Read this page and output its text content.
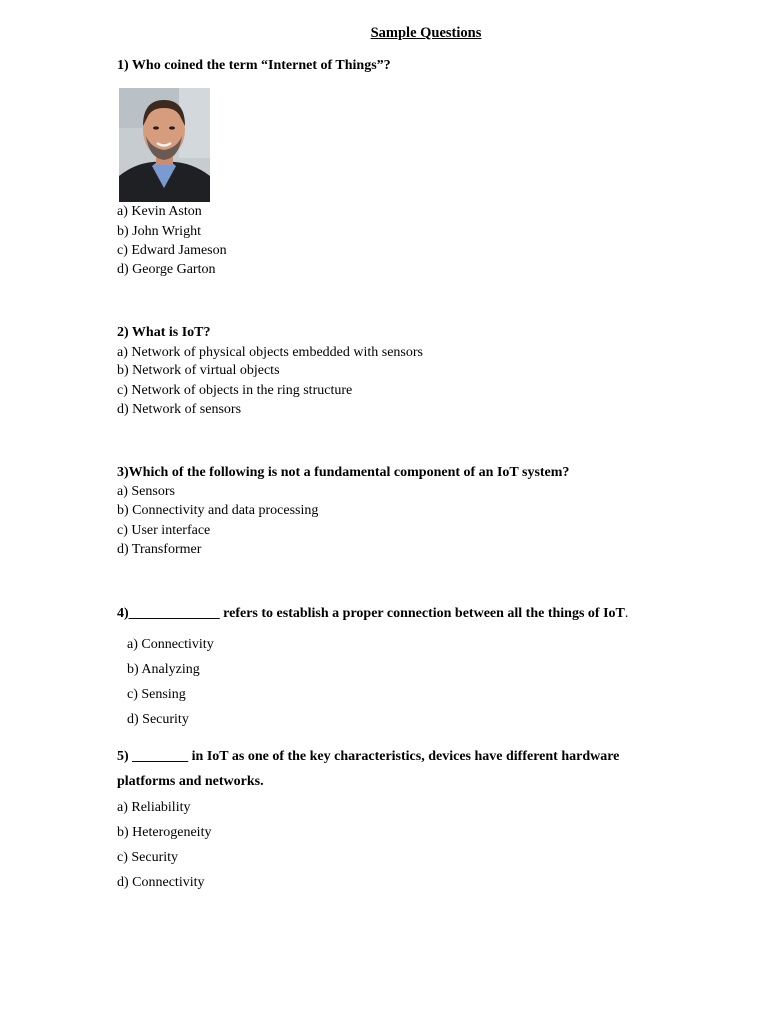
Sample Questions
1) Who coined the term “Internet of Things”?
a) Kevin Aston
b) John Wright
c) Edward Jameson
d) George Garton
2) What is IoT?
a) Network of physical objects embedded with sensors
b) Network of virtual objects
c) Network of objects in the ring structure
d) Network of sensors
3)Which of the following is not a fundamental component of an IoT system?
a) Sensors
b) Connectivity and data processing
c) User interface
d) Transformer
4)_____________ refers to establish a proper connection between all the things of IoT.
a) Connectivity
b) Analyzing
c) Sensing
d) Security
5) ________ in IoT as one of the key characteristics, devices have different hardware
platforms and networks.
a) Reliability
b) Heterogeneity
c) Security
d) Connectivity
